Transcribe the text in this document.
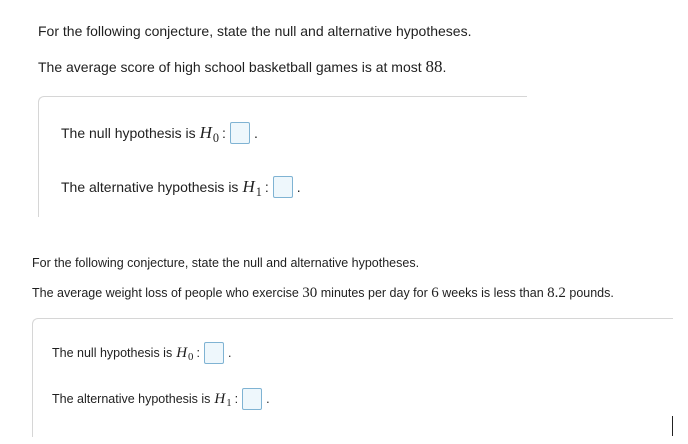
For the following conjecture, state the null and alternative hypotheses.
The average score of high school basketball games is at most 88.
The null hypothesis is $H_0$ : .
The alternative hypothesis is $H_1$ : .
For the following conjecture, state the null and alternative hypotheses.
The average weight loss of people who exercise 30 minutes per day for 6 weeks is less than 8.2 pounds.
The null hypothesis is $H_0$ : .
The alternative hypothesis is $H_1$ : .
